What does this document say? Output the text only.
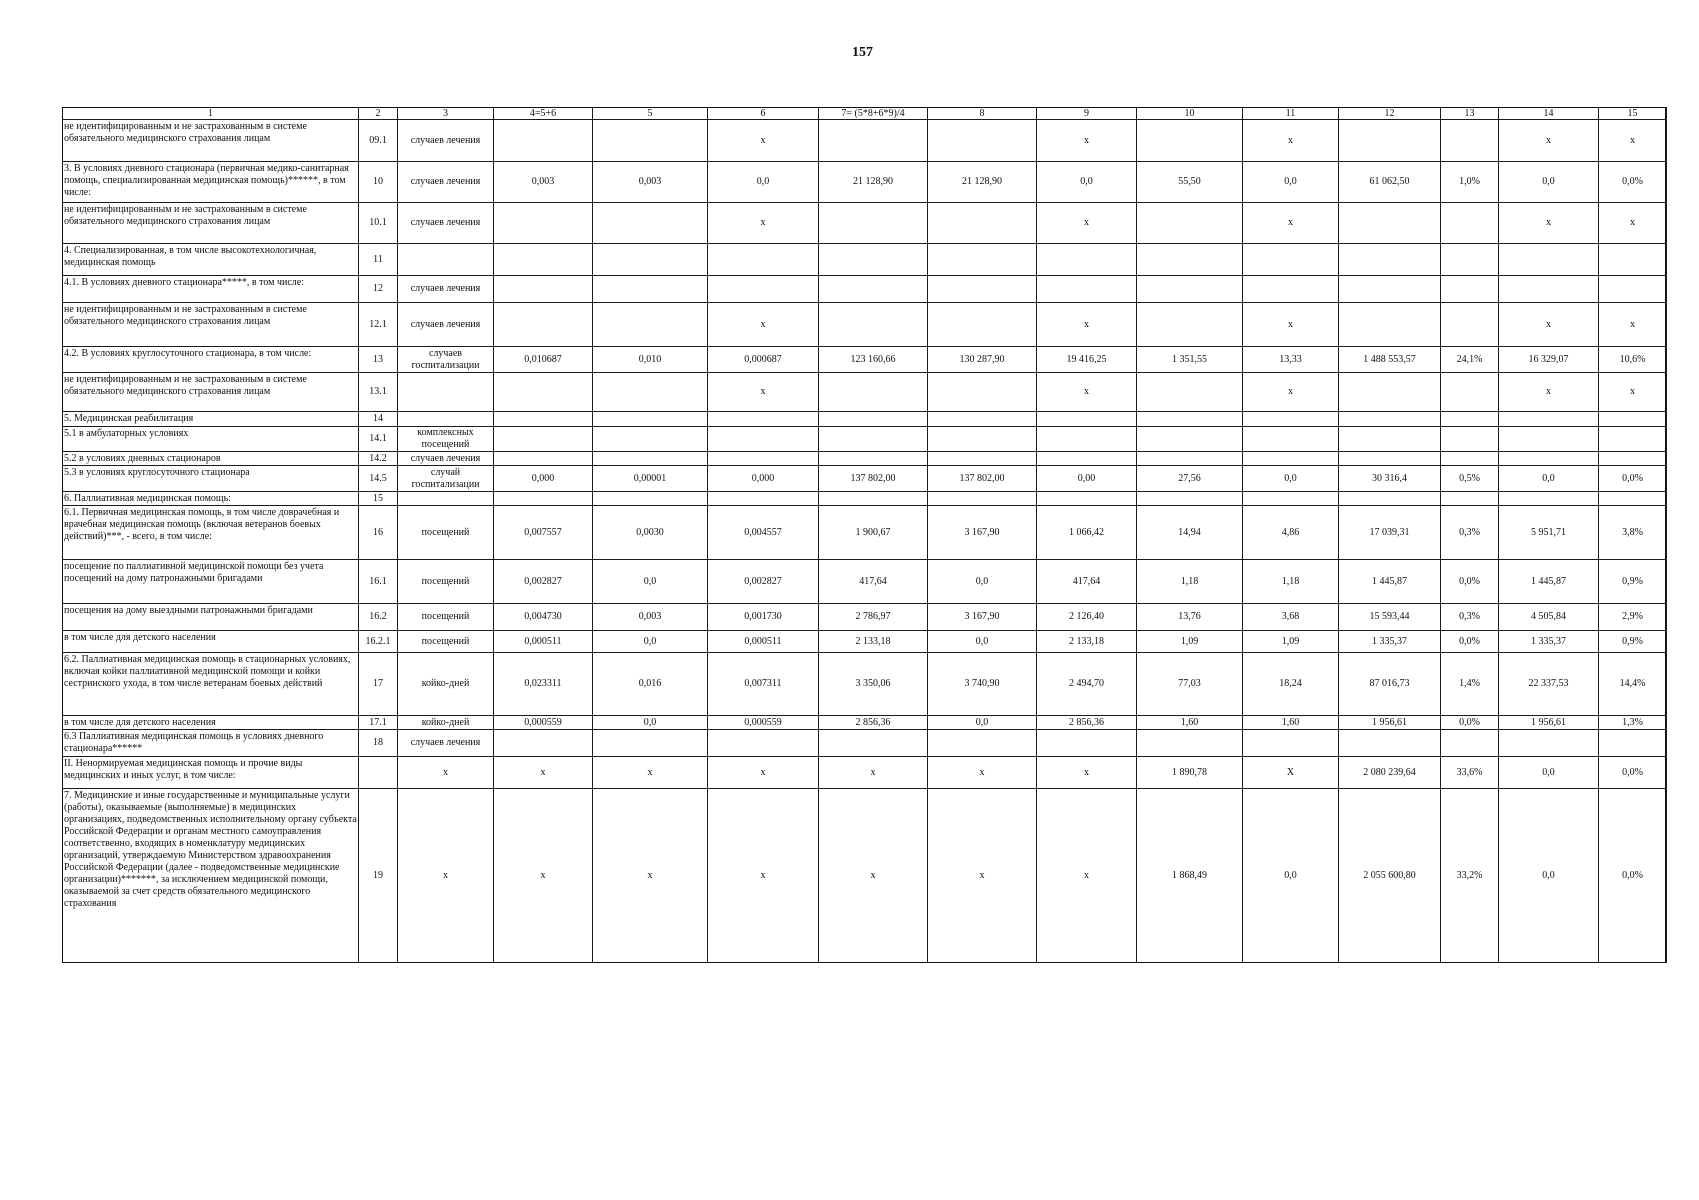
157
1	2	3	4=5+6	5	6	7= (5*8+6*9)/4	8	9	10	11	12	13	14	15
не идентифицированным и не застрахованным в системе обязательного медицинского страхования лицам	09.1	случаев лечения			х			х		х			х	х
3. В условиях дневного стационара (первичная медико-санитарная помощь, специализированная медицинская помощь)******, в том числе:	10	случаев лечения	0,003	0,003	0,0	21 128,90	21 128,90	0,0	55,50	0,0	61 062,50	1,0%	0,0	0,0%
не идентифицированным и не застрахованным в системе обязательного медицинского страхования лицам	10.1	случаев лечения			х			х		х			х	х
4. Специализированная, в том числе высокотехнологичная, медицинская помощь	11													
4.1. В условиях дневного стационара*****, в том числе:	12	случаев лечения												
не идентифицированным и не застрахованным в системе обязательного медицинского страхования лицам	12.1	случаев лечения			х			х		х			х	х
4.2. В условиях круглосуточного стационара, в том числе:	13	случаев госпитализации	0,010687	0,010	0,000687	123 160,66	130 287,90	19 416,25	1 351,55	13,33	1 488 553,57	24,1%	16 329,07	10,6%
не идентифицированным и не застрахованным в системе обязательного медицинского страхования лицам	13.1				х			х		х			х	х
5. Медицинская реабилитация	14													
5.1 в амбулаторных условиях	14.1	комплексных посещений												
5.2 в условиях дневных стационаров	14.2	случаев лечения												
5.3 в условиях круглосуточного стационара	14.5	случай госпитализации	0,000	0,00001	0,000	137 802,00	137 802,00	0,00	27,56	0,0	30 316,4	0,5%	0,0	0,0%
6. Паллиативная медицинская помощь:	15													
6.1. Первичная медицинская помощь, в том числе доврачебная и врачебная медицинская помощь (включая ветеранов боевых действий)***, - всего, в том числе:	16	посещений	0,007557	0,0030	0,004557	1 900,67	3 167,90	1 066,42	14,94	4,86	17 039,31	0,3%	5 951,71	3,8%
посещение по паллиативной медицинской помощи без учета посещений на дому патронажными бригадами	16.1	посещений	0,002827	0,0	0,002827	417,64	0,0	417,64	1,18	1,18	1 445,87	0,0%	1 445,87	0,9%
посещения на дому выездными патронажными бригадами	16.2	посещений	0,004730	0,003	0,001730	2 786,97	3 167,90	2 126,40	13,76	3,68	15 593,44	0,3%	4 505,84	2,9%
в том числе для детского населения	16.2.1	посещений	0,000511	0,0	0,000511	2 133,18	0,0	2 133,18	1,09	1,09	1 335,37	0,0%	1 335,37	0,9%
6.2. Паллиативная медицинская помощь в стационарных условиях, включая койки паллиативной медицинской помощи и койки сестринского ухода, в том числе ветеранам боевых действий	17	койко-дней	0,023311	0,016	0,007311	3 350,06	3 740,90	2 494,70	77,03	18,24	87 016,73	1,4%	22 337,53	14,4%
в том числе для детского населения	17.1	койко-дней	0,000559	0,0	0,000559	2 856,36	0,0	2 856,36	1,60	1,60	1 956,61	0,0%	1 956,61	1,3%
6.3 Паллиативная медицинская помощь в условиях дневного стационара******	18	случаев лечения												
II. Ненормируемая медицинская помощь и прочие виды медицинских и иных услуг, в том числе:		х	х	х	х	х	х	х	1 890,78	Х	2 080 239,64	33,6%	0,0	0,0%
7. Медицинские и иные государственные и муниципальные услуги (работы), оказываемые (выполняемые) в медицинских организациях, подведомственных исполнительному органу субъекта Российской Федерации и органам местного самоуправления соответственно, входящих в номенклатуру медицинских организаций, утверждаемую Министерством здравоохранения Российской Федерации (далее - подведомственные медицинские организации)*******, за исключением медицинской помощи, оказываемой за счет средств обязательного медицинского страхования	19	х	х	х	х	х	х	х	1 868,49	0,0	2 055 600,80	33,2%	0,0	0,0%
